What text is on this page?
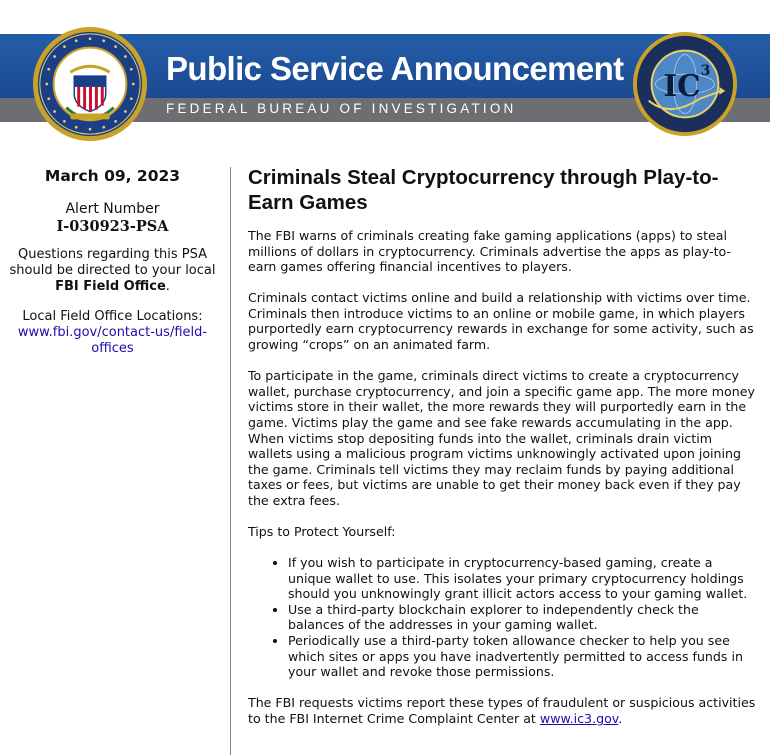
Public Service Announcement
FEDERAL BUREAU OF INVESTIGATION
IC 3
March 09, 2023
Alert Number
I-030923-PSA
Questions regarding this PSA should be directed to your local FBI Field Office.
Local Field Office Locations:
www.fbi.gov/contact-us/field-offices
Criminals Steal Cryptocurrency through Play-to-Earn Games

The FBI warns of criminals creating fake gaming applications (apps) to steal millions of dollars in cryptocurrency. Criminals advertise the apps as play-to-earn games offering financial incentives to players.

Criminals contact victims online and build a relationship with victims over time. Criminals then introduce victims to an online or mobile game, in which players purportedly earn cryptocurrency rewards in exchange for some activity, such as growing “crops” on an animated farm.

To participate in the game, criminals direct victims to create a cryptocurrency wallet, purchase cryptocurrency, and join a specific game app. The more money victims store in their wallet, the more rewards they will purportedly earn in the game. Victims play the game and see fake rewards accumulating in the app. When victims stop depositing funds into the wallet, criminals drain victim wallets using a malicious program victims unknowingly activated upon joining the game. Criminals tell victims they may reclaim funds by paying additional taxes or fees, but victims are unable to get their money back even if they pay the extra fees.

Tips to Protect Yourself:

• If you wish to participate in cryptocurrency-based gaming, create a unique wallet to use. This isolates your primary cryptocurrency holdings should you unknowingly grant illicit actors access to your gaming wallet.
• Use a third-party blockchain explorer to independently check the balances of the addresses in your gaming wallet.
• Periodically use a third-party token allowance checker to help you see which sites or apps you have inadvertently permitted to access funds in your wallet and revoke those permissions.

The FBI requests victims report these types of fraudulent or suspicious activities to the FBI Internet Crime Complaint Center at www.ic3.gov.
